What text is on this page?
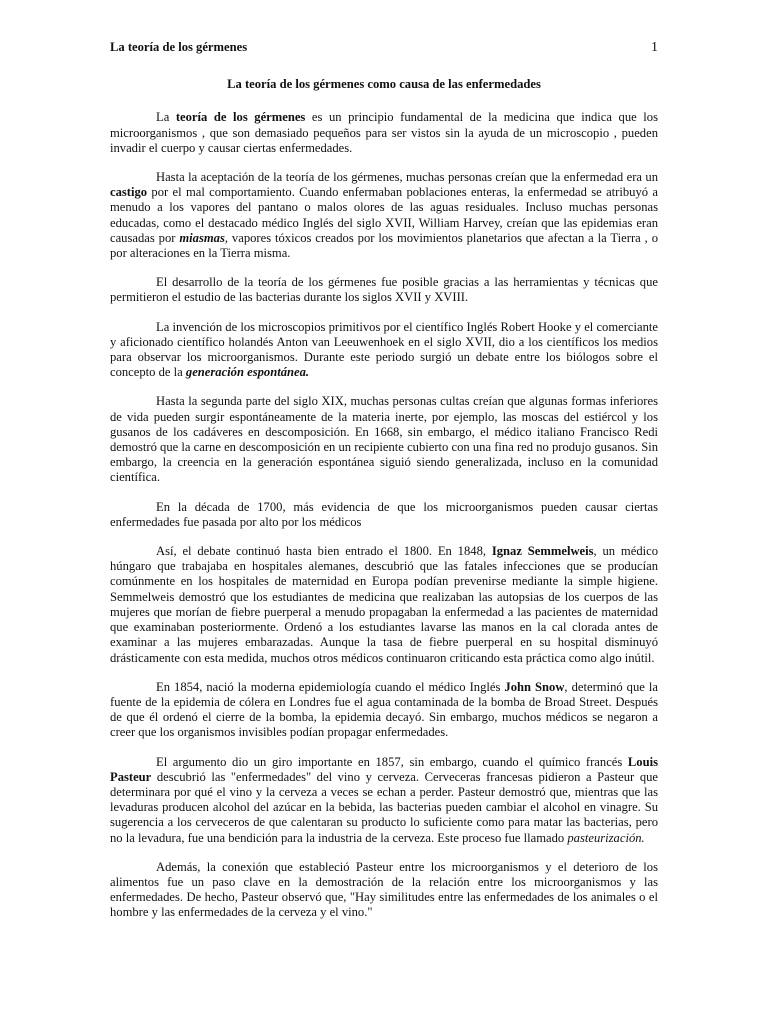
La teoría de los gérmenes	1
La teoría de los gérmenes como causa de las enfermedades

La teoría de los gérmenes es un principio fundamental de la medicina que indica que los microorganismos , que son demasiado pequeños para ser vistos sin la ayuda de un microscopio , pueden invadir el cuerpo y causar ciertas enfermedades.

Hasta la aceptación de la teoría de los gérmenes, muchas personas creían que la enfermedad era un castigo por el mal comportamiento. Cuando enfermaban poblaciones enteras, la enfermedad se atribuyó a menudo a los vapores del pantano o malos olores de las aguas residuales. Incluso muchas personas educadas, como el destacado médico Inglés del siglo XVII, William Harvey, creían que las epidemias eran causadas por miasmas, vapores tóxicos creados por los movimientos planetarios que afectan a la Tierra , o por alteraciones en la Tierra misma.

El desarrollo de la teoría de los gérmenes fue posible gracias a las herramientas y técnicas que permitieron el estudio de las bacterias durante los siglos XVII y XVIII.

La invención de los microscopios primitivos por el científico Inglés Robert Hooke y el comerciante y aficionado científico holandés Anton van Leeuwenhoek en el siglo XVII, dio a los científicos los medios para observar los microorganismos. Durante este periodo surgió un debate entre los biólogos sobre el concepto de la generación espontánea.

Hasta la segunda parte del siglo XIX, muchas personas cultas creían que algunas formas inferiores de vida pueden surgir espontáneamente de la materia inerte, por ejemplo, las moscas del estiércol y los gusanos de los cadáveres en descomposición. En 1668, sin embargo, el médico italiano Francisco Redi demostró que la carne en descomposición en un recipiente cubierto con una fina red no produjo gusanos. Sin embargo, la creencia en la generación espontánea siguió siendo generalizada, incluso en la comunidad científica.

En la década de 1700, más evidencia de que los microorganismos pueden causar ciertas enfermedades fue pasada por alto por los médicos

Así, el debate continuó hasta bien entrado el 1800. En 1848, Ignaz Semmelweis, un médico húngaro que trabajaba en hospitales alemanes, descubrió que las fatales infecciones que se producían comúnmente en los hospitales de maternidad en Europa podían prevenirse mediante la simple higiene. Semmelweis demostró que los estudiantes de medicina que realizaban las autopsias de los cuerpos de las mujeres que morían de fiebre puerperal a menudo propagaban la enfermedad a las pacientes de maternidad que examinaban posteriormente. Ordenó a los estudiantes lavarse las manos en la cal clorada antes de examinar a las mujeres embarazadas. Aunque la tasa de fiebre puerperal en su hospital disminuyó drásticamente con esta medida, muchos otros médicos continuaron criticando esta práctica como algo inútil.

En 1854, nació la moderna epidemiología cuando el médico Inglés John Snow, determinó que la fuente de la epidemia de cólera en Londres fue el agua contaminada de la bomba de Broad Street. Después de que él ordenó el cierre de la bomba, la epidemia decayó. Sin embargo, muchos médicos se negaron a creer que los organismos invisibles podían propagar enfermedades.

El argumento dio un giro importante en 1857, sin embargo, cuando el químico francés Louis Pasteur descubrió las "enfermedades" del vino y cerveza. Cerveceras francesas pidieron a Pasteur que determinara por qué el vino y la cerveza a veces se echan a perder. Pasteur demostró que, mientras que las levaduras producen alcohol del azúcar en la bebida, las bacterias pueden cambiar el alcohol en vinagre. Su sugerencia a los cerveceros de que calentaran su producto lo suficiente como para matar las bacterias, pero no la levadura, fue una bendición para la industria de la cerveza. Este proceso fue llamado pasteurización.

Además, la conexión que estableció Pasteur entre los microorganismos y el deterioro de los alimentos fue un paso clave en la demostración de la relación entre los microorganismos y las enfermedades. De hecho, Pasteur observó que, "Hay similitudes entre las enfermedades de los animales o el hombre y las enfermedades de la cerveza y el vino."
